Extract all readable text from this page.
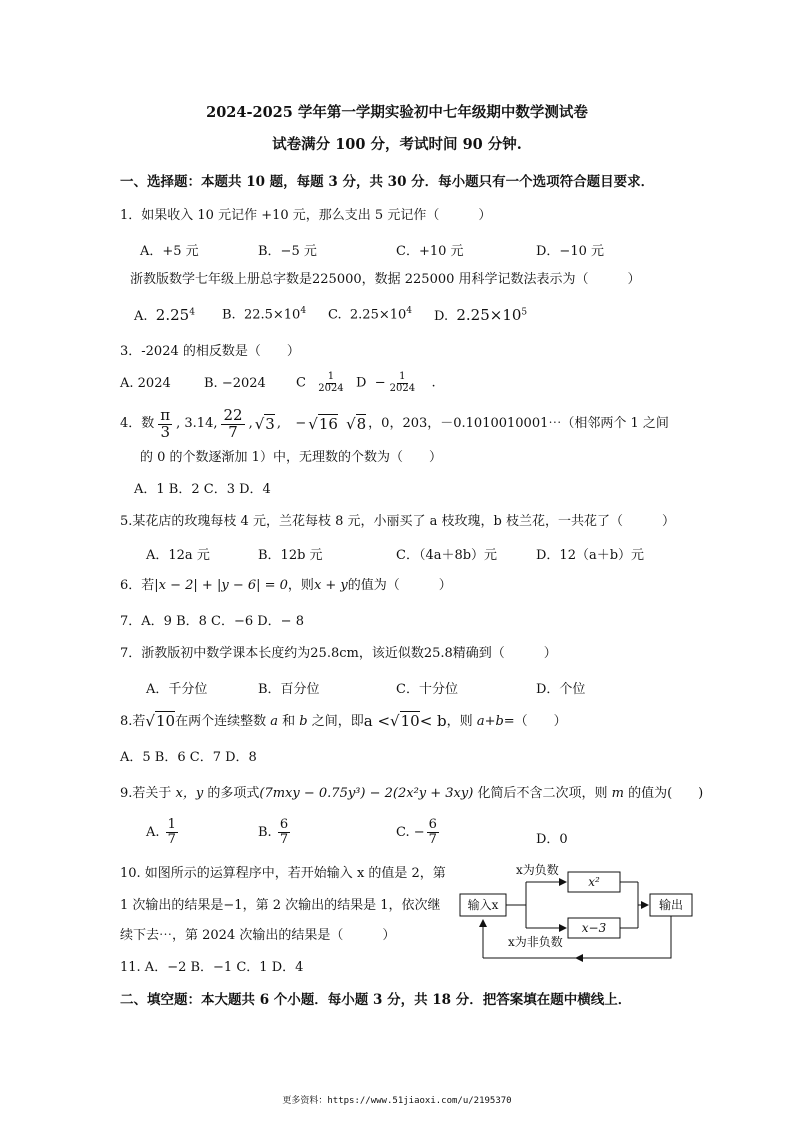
2024-2025 学年第一学期实验初中七年级期中数学测试卷
试卷满分 100 分，考试时间 90 分钟.
一、选择题：本题共 10 题，每题 3 分，共 30 分．每小题只有一个选项符合题目要求．
1．如果收入 10 元记作 +10 元，那么支出 5 元记作（　　　）
A．+5 元	B．−5 元	C．+10 元	D．−10 元
浙教版数学七年级上册总字数是225000，数据 225000 用科学记数法表示为（　　　）
A. 2.25$^4$ B. $22.5\times 10^4$ C. $2.25\times 10^4$ D. $2.25\times 10^5$
3．-2024 的相反数是（　　）
A. 2024	B. −2024 C $\frac{1}{2024}$ $D - \frac{1}{2024}$ .
4．数 $\frac{\pi}{3}$ , 3.14, $\frac{22}{7}$ , √3 , − √16
√8 ，0，203，－0.1010010001⋯（相邻两个 1 之间
的 0 的个数逐渐加 1）中，无理数的个数为（　　）
A．1 B．2 C．3 D．4
5.某花店的玫瑰每枝 4 元，兰花每枝 8 元，小丽买了 a 枝玫瑰，b 枝兰花，一共花了（　　　）
A．12a 元	B．12b 元	C．（4a＋8b）元	D．12（a＋b）元
6．若|x − 2| + |y − 6| = 0，则x + y的值为（　　　）
7．A．9 B．8 C．−6 D．− 8
7．浙教版初中数学课本长度约为25.8cm，该近似数25.8精确到（　　　）
A．千分位	B．百分位	C．十分位	D．个位
8.若 √10 在两个连续整数
a
和
b
之间，即 a < √10 < b ，则
a+b =（　　）
A．5 B．6 C．7 D．8
9.若关于 x，y 的多项式(7mxy − 0.75y³) − 2(2x²y + 3xy) 化简后不含二次项，则 m 的值为(　　)
A.
$\frac{1}{7}$	B.
$\frac{6}{7}$	C.
− $\frac{6}{7}$	D．0
10. 如图所示的运算程序中，若开始输入 x 的值是 2，第
1 次输出的结果是−1，第 2 次输出的结果是 1，依次继
续下去⋯，第 2024 次输出的结果是（　　　）
输入x
x为负数
x为非负数
x²
x−3
输出
11. A．−2 B．−1 C．1 D．4
二、填空题：本大题共 6 个小题．每小题 3 分，共 18 分．把答案填在题中横线上．
更多资料：https://www.51jiaoxi.com/u/2195370
